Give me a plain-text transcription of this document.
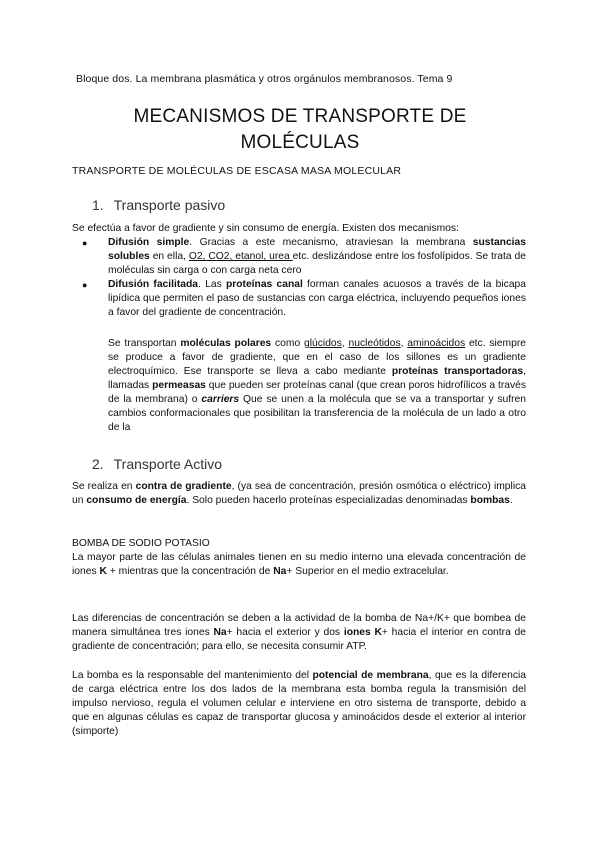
Bloque dos. La membrana plasmática y otros orgánulos membranosos. Tema 9
MECANISMOS DE TRANSPORTE DE
MOLÉCULAS
TRANSPORTE DE MOLÉCULAS DE ESCASA MASA MOLECULAR
1. Transporte pasivo
Se efectúa a favor de gradiente y sin consumo de energía. Existen dos mecanismos:
● Difusión simple. Gracias a este mecanismo, atraviesan la membrana sustancias solubles en ella, O2, CO2, etanol, urea etc. deslizándose entre los fosfolípidos. Se trata de moléculas sin carga o con carga neta cero
● Difusión facilitada. Las proteínas canal forman canales acuosos a través de la bicapa lipídica que permiten el paso de sustancias con carga eléctrica, incluyendo pequeños iones a favor del gradiente de concentración.
Se transportan moléculas polares como glúcidos, nucleótidos, aminoácidos etc. siempre se produce a favor de gradiente, que en el caso de los sillones es un gradiente electroquímico. Ese transporte se lleva a cabo mediante proteínas transportadoras, llamadas permeasas que pueden ser proteínas canal (que crean poros hidrofílicos a través de la membrana) o carriers Que se unen a la molécula que se va a transportar y sufren cambios conformacionales que posibilitan la transferencia de la molécula de un lado a otro de la
2. Transporte Activo
Se realiza en contra de gradiente, (ya sea de concentración, presión osmótica o eléctrico) implica un consumo de energía. Solo pueden hacerlo proteínas especializadas denominadas bombas.
BOMBA DE SODIO POTASIO
La mayor parte de las células animales tienen en su medio interno una elevada concentración de iones K + mientras que la concentración de Na+ Superior en el medio extracelular.
Las diferencias de concentración se deben a la actividad de la bomba de Na+/K+ que bombea de manera simultánea tres iones Na+ hacia el exterior y dos iones K+ hacia el interior en contra de gradiente de concentración; para ello, se necesita consumir ATP.
La bomba es la responsable del mantenimiento del potencial de membrana, que es la diferencia de carga eléctrica entre los dos lados de la membrana esta bomba regula la transmisión del impulso nervioso, regula el volumen celular e interviene en otro sistema de transporte, debido a que en algunas células es capaz de transportar glucosa y aminoácidos desde el exterior al interior (simporte)
